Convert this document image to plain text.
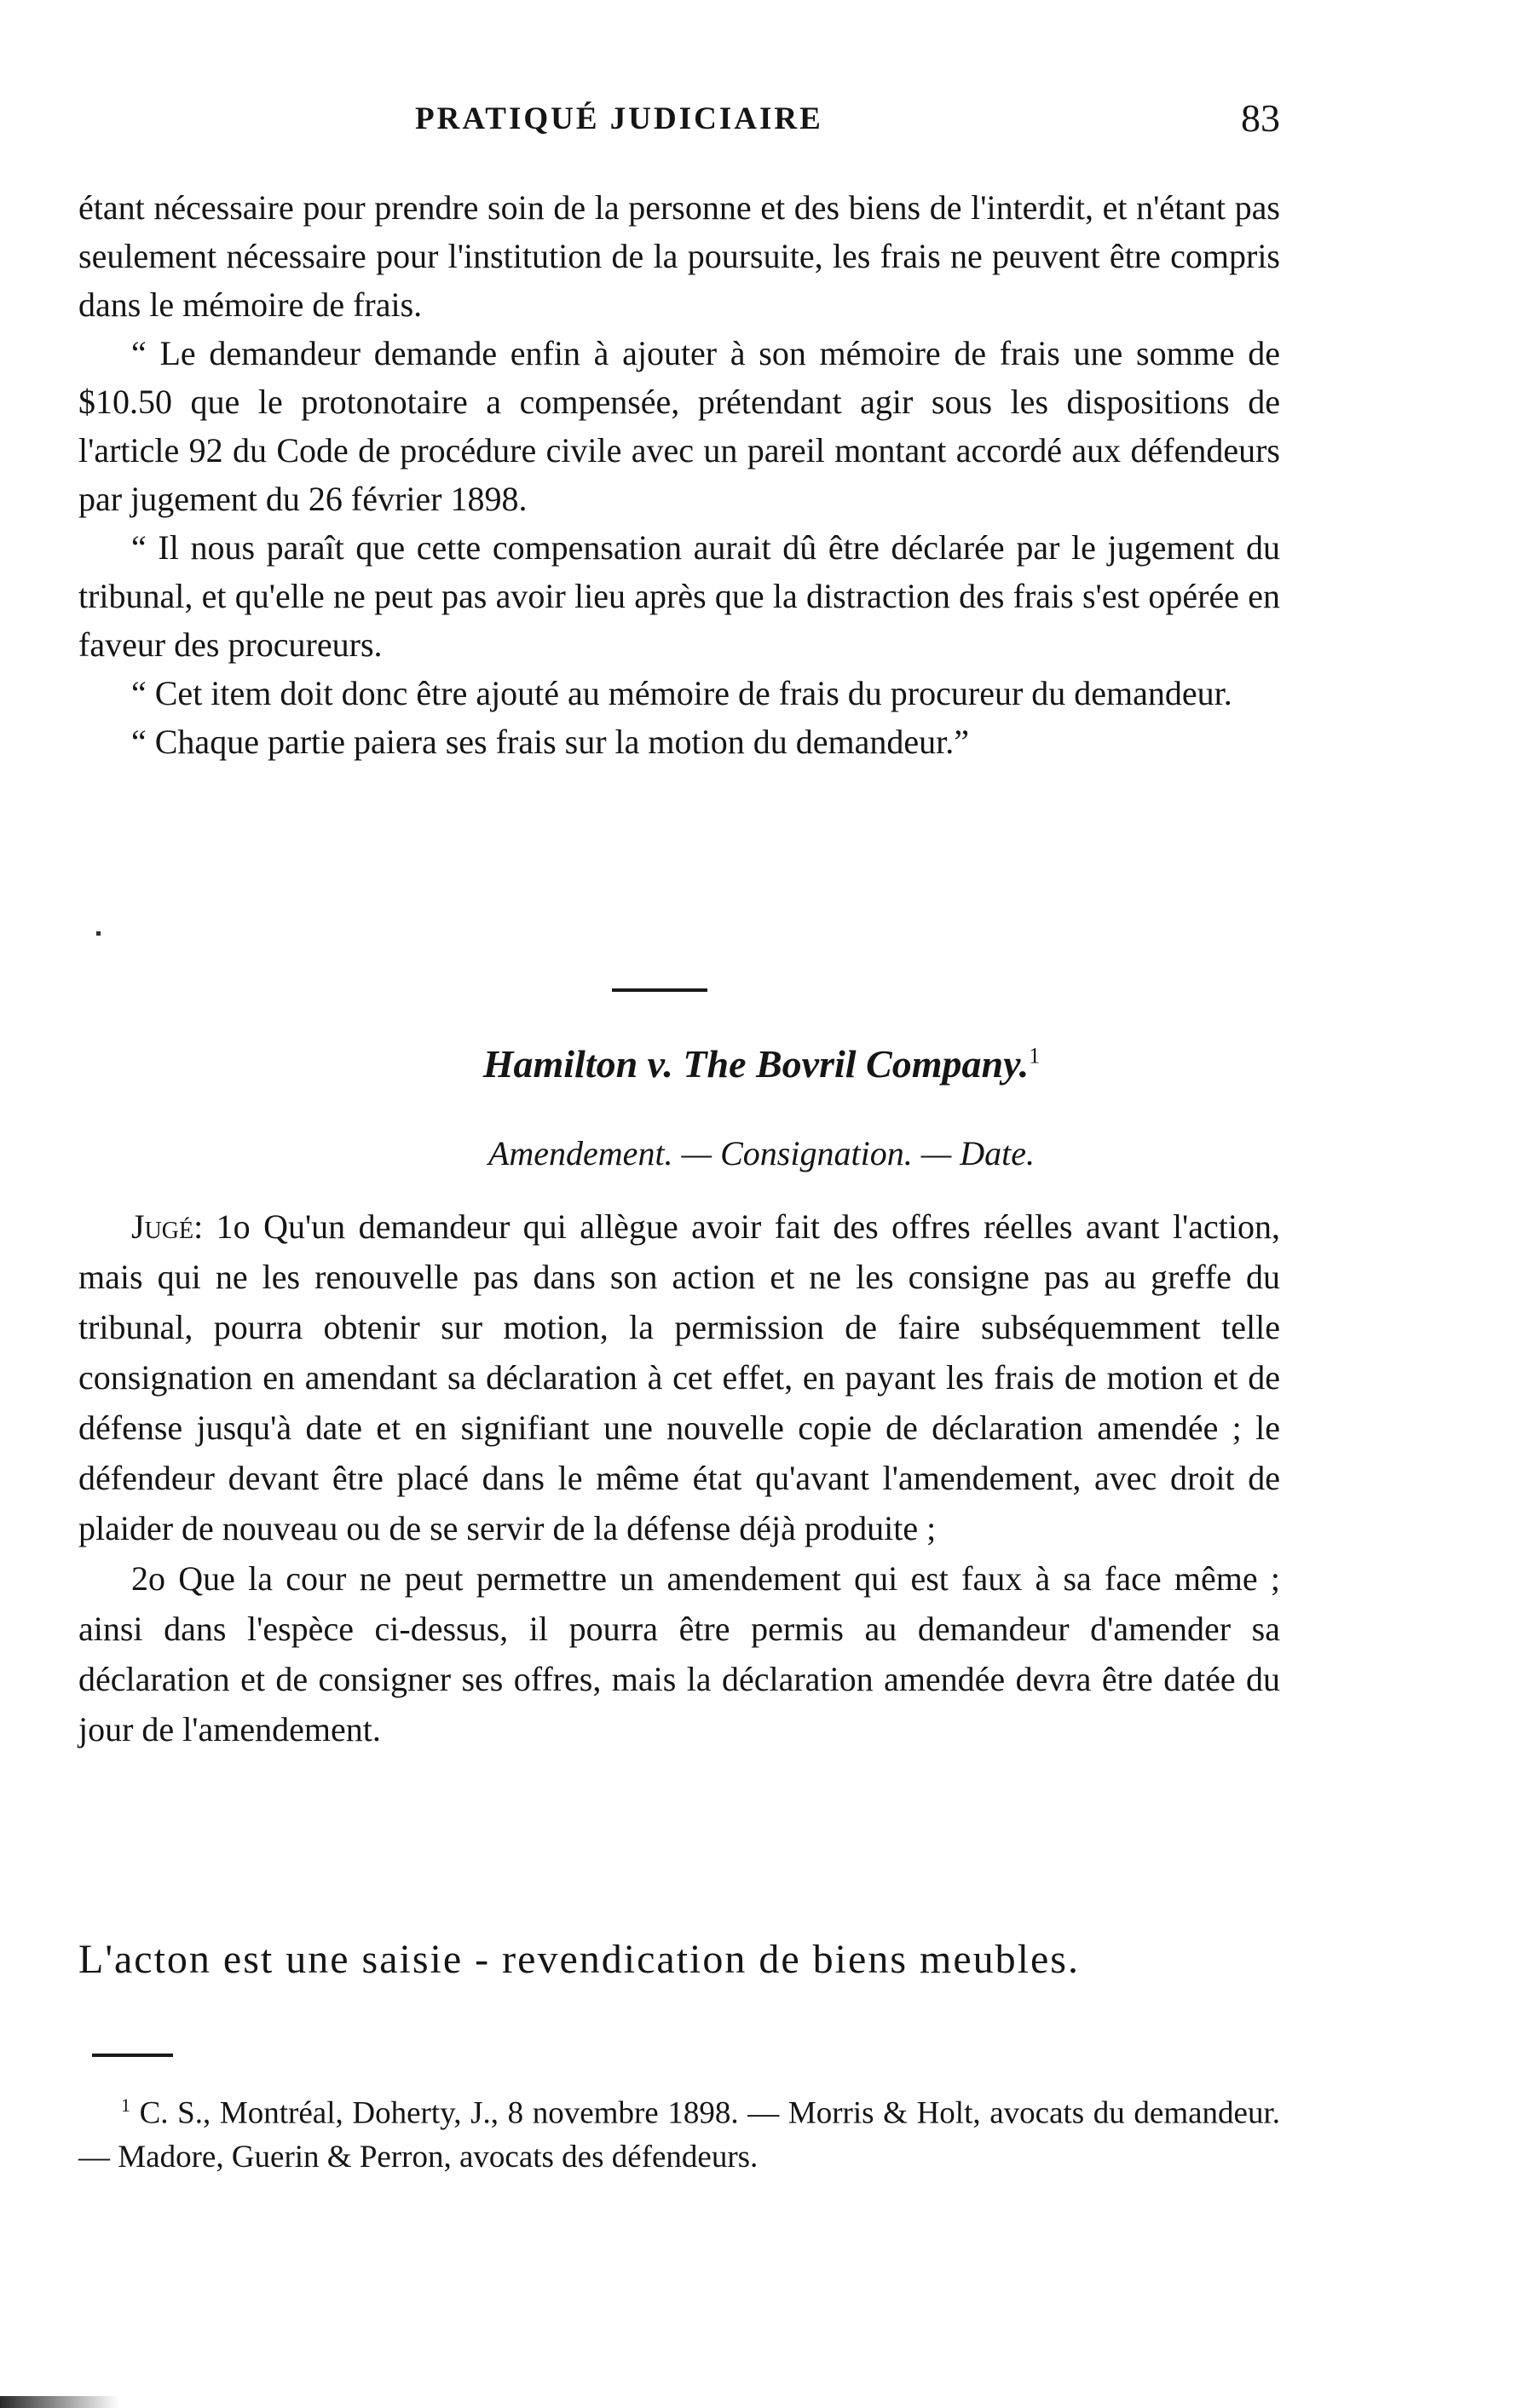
PRATIQUÉ JUDICIAIRE	83

étant nécessaire pour prendre soin de la personne et des biens de l'interdit, et n'étant pas seulement nécessaire pour l'institution de la poursuite, les frais ne peuvent être compris dans le mémoire de frais.

“ Le demandeur demande enfin à ajouter à son mémoire de frais une somme de $10.50 que le protonotaire a compensée, prétendant agir sous les dispositions de l'article 92 du Code de procédure civile avec un pareil montant accordé aux défendeurs par jugement du 26 février 1898.

“ Il nous paraît que cette compensation aurait dû être déclarée par le jugement du tribunal, et qu'elle ne peut pas avoir lieu après que la distraction des frais s'est opérée en faveur des procureurs.

“ Cet item doit donc être ajouté au mémoire de frais du procureur du demandeur.

“ Chaque partie paiera ses frais sur la motion du demandeur.”

Hamilton v. The Bovril Company.$^1$
Amendement. — Consignation. — Date.

Jugé: 1o Qu'un demandeur qui allègue avoir fait des offres réelles avant l'action, mais qui ne les renouvelle pas dans son action et ne les consigne pas au greffe du tribunal, pourra obtenir sur motion, la permission de faire subséquemment telle consignation en amendant sa déclaration à cet effet, en payant les frais de motion et de défense jusqu'à date et en signifiant une nouvelle copie de déclaration amendée ; le défendeur devant être placé dans le même état qu'avant l'amendement, avec droit de plaider de nouveau ou de se servir de la défense déjà produite ;

2o Que la cour ne peut permettre un amendement qui est faux à sa face même ; ainsi dans l'espèce ci-dessus, il pourra être permis au demandeur d'amender sa déclaration et de consigner ses offres, mais la déclaration amendée devra être datée du jour de l'amendement.

L'acton est une saisie - revendication de biens meubles.

$^1$ C. S., Montréal, Doherty, J., 8 novembre 1898. — Morris & Holt, avocats du demandeur. — Madore, Guerin & Perron, avocats des défendeurs.
